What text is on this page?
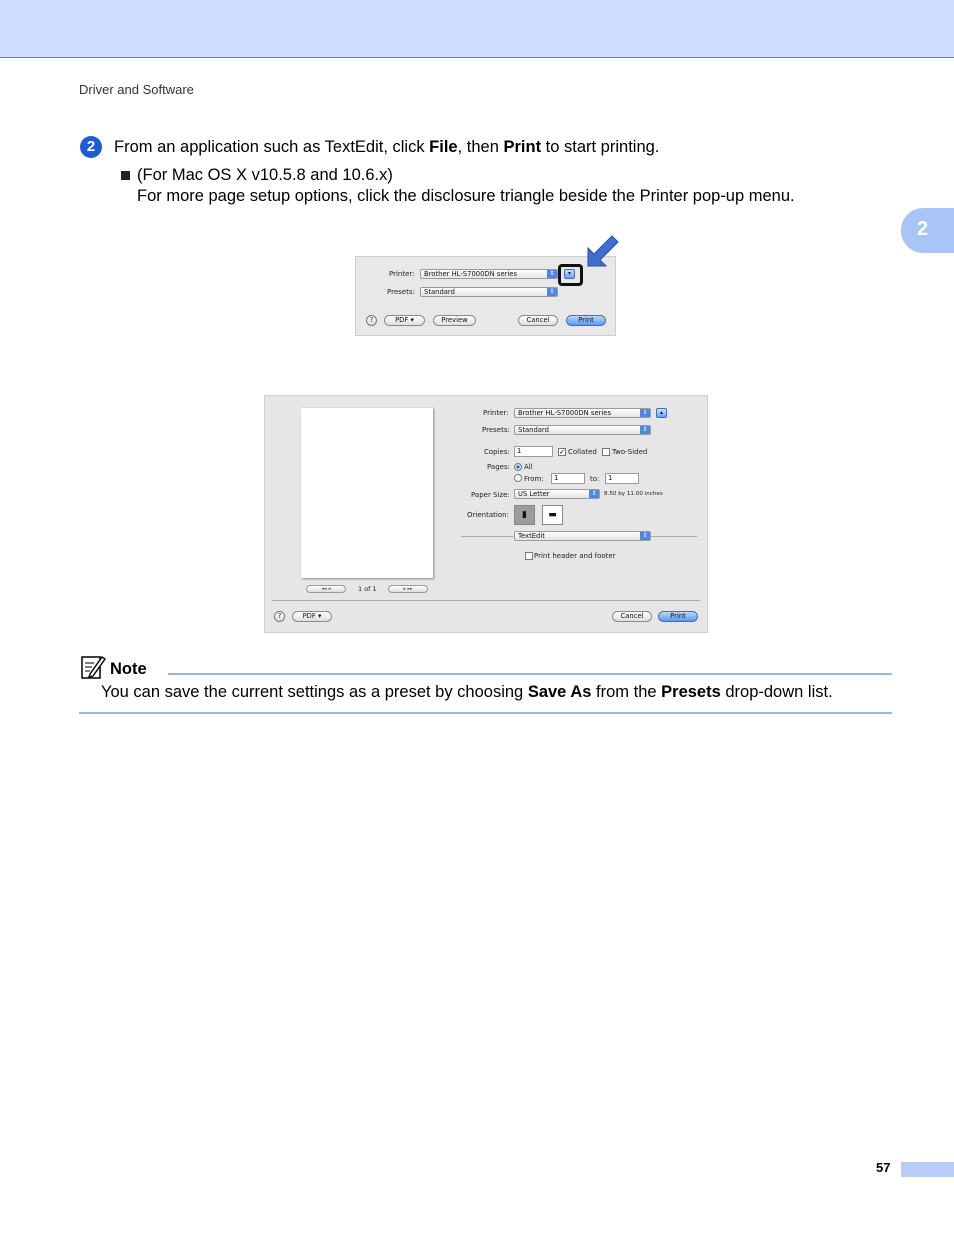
Driver and Software
2
2	From an application such as TextEdit, click File, then Print to start printing.
(For Mac OS X v10.5.8 and 10.6.x)
For more page setup options, click the disclosure triangle beside the Printer pop-up menu.
Printer:	Brother HL-S7000DN series	⇕	▾
Presets:	Standard	⇕
?	PDF ▾	Preview	Cancel	Print
◂◂ ◂	1 of 1	▸ ▸▸
Printer:	Brother HL-S7000DN series	⇕	▴
Presets:	Standard	⇕
Copies:	1	✓ Collated Two-Sided
Pages: All
From:	1	to:	1
Paper Size:	US Letter	⇕	8.50 by 11.00 inches
Orientation:	▮	▬
TextEdit	⇕
Print header and footer
?	PDF ▾	Cancel	Print
Note
You can save the current settings as a preset by choosing Save As from the Presets drop-down list.
57
